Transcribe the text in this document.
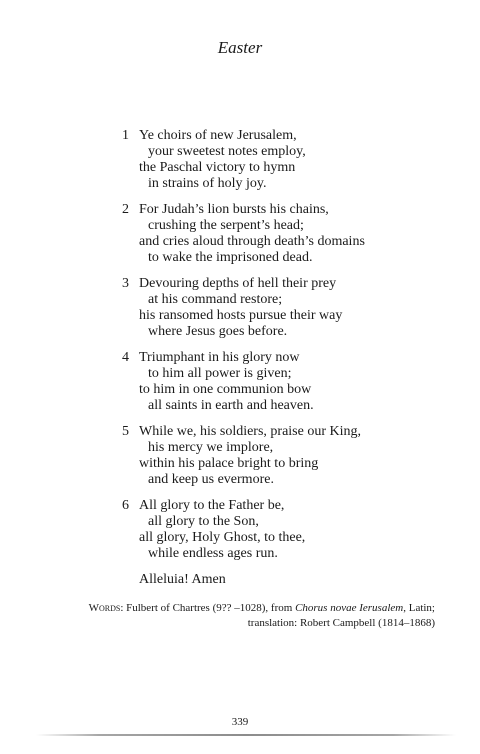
Easter
1 Ye choirs of new Jerusalem,
your sweetest notes employ,
the Paschal victory to hymn
in strains of holy joy.
2 For Judah’s lion bursts his chains,
crushing the serpent’s head;
and cries aloud through death’s domains
to wake the imprisoned dead.
3 Devouring depths of hell their prey
at his command restore;
his ransomed hosts pursue their way
where Jesus goes before.
4 Triumphant in his glory now
to him all power is given;
to him in one communion bow
all saints in earth and heaven.
5 While we, his soldiers, praise our King,
his mercy we implore,
within his palace bright to bring
and keep us evermore.
6 All glory to the Father be,
all glory to the Son,
all glory, Holy Ghost, to thee,
while endless ages run.
Alleluia! Amen
Words: Fulbert of Chartres (9?? –1028), from Chorus novae Ierusalem, Latin;
translation: Robert Campbell (1814–1868)
339
